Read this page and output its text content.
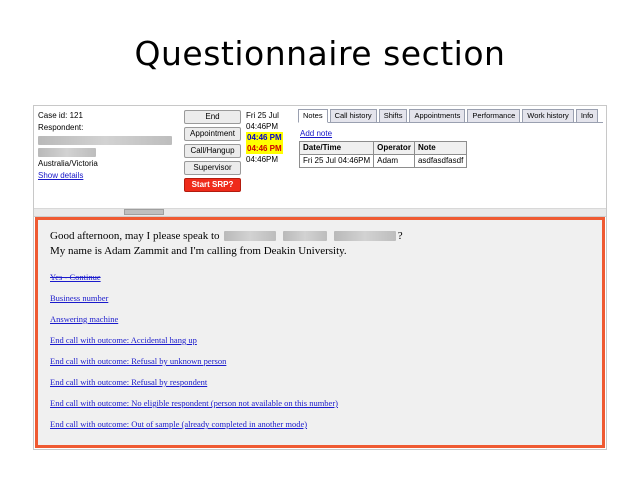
Questionnaire section
Case id: 121
Respondent:

Australia/Victoria
Show details
End
Appointment
Call/Hangup
Supervisor
Start SRP?
Fri 25 Jul
04:46PM
04:46 PM
04:46 PM
04:46PM
Notes	Call history	Shifts	Appointments	Performance	Work history	Info
Add note
Date/Time	Operator	Note
Fri 25 Jul 04:46PM	Adam	asdfasdfasdf
Good afternoon, may I please speak to	?
My name is Adam Zammit and I'm calling from Deakin University.
Yes - Continue
Business number
Answering machine
End call with outcome: Accidental hang up
End call with outcome: Refusal by unknown person
End call with outcome: Refusal by respondent
End call with outcome: No eligible respondent (person not available on this number)
End call with outcome: Out of sample (already completed in another mode)
